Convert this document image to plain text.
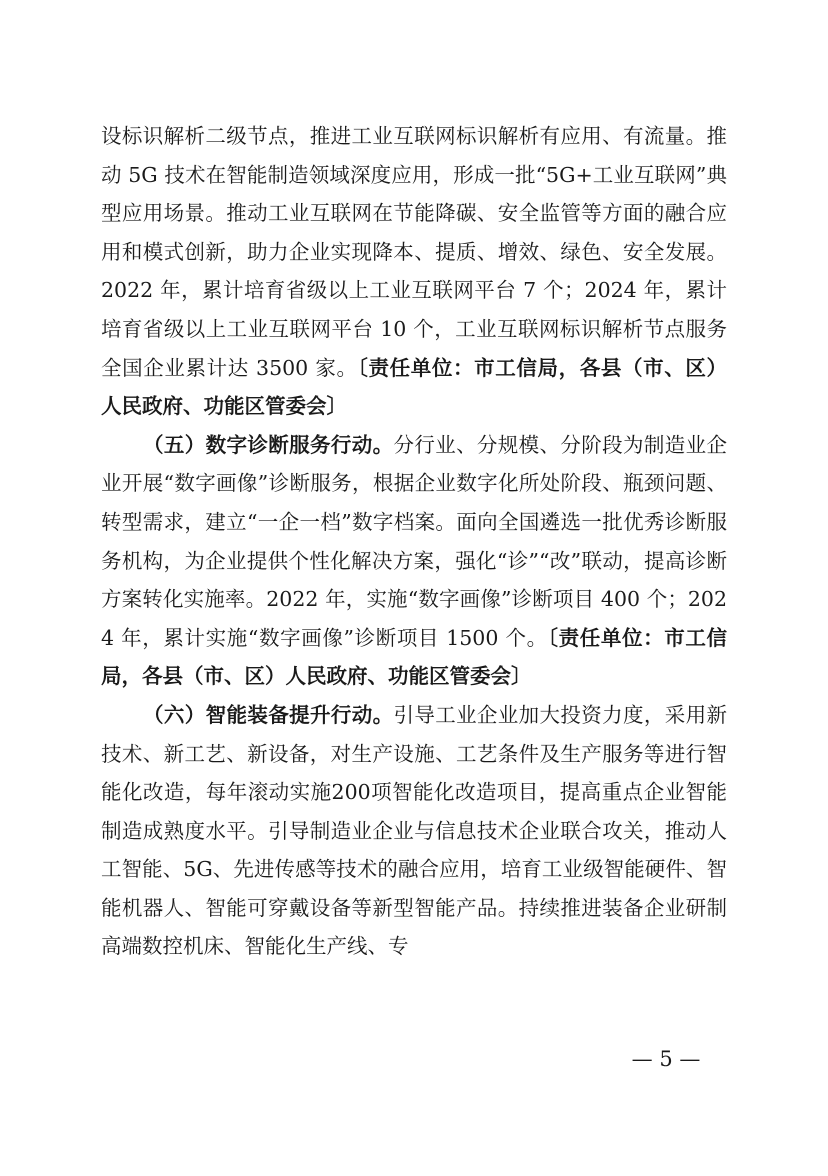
设标识解析二级节点，推进工业互联网标识解析有应用、有流量。推动 5G 技术在智能制造领域深度应用，形成一批“5G+工业互联网”典型应用场景。推动工业互联网在节能降碳、安全监管等方面的融合应用和模式创新，助力企业实现降本、提质、增效、绿色、安全发展。2022 年，累计培育省级以上工业互联网平台 7 个；2024 年，累计培育省级以上工业互联网平台 10 个，工业互联网标识解析节点服务全国企业累计达 3500 家。〔责任单位：市工信局，各县（市、区）人民政府、功能区管委会〕

（五）数字诊断服务行动。分行业、分规模、分阶段为制造业企业开展“数字画像”诊断服务，根据企业数字化所处阶段、瓶颈问题、转型需求，建立“一企一档”数字档案。面向全国遴选一批优秀诊断服务机构，为企业提供个性化解决方案，强化“诊”“改”联动，提高诊断方案转化实施率。2022 年，实施“数字画像”诊断项目 400 个；2024 年，累计实施“数字画像”诊断项目 1500 个。〔责任单位：市工信局，各县（市、区）人民政府、功能区管委会〕

（六）智能装备提升行动。引导工业企业加大投资力度，采用新技术、新工艺、新设备，对生产设施、工艺条件及生产服务等进行智能化改造，每年滚动实施200项智能化改造项目，提高重点企业智能制造成熟度水平。引导制造业企业与信息技术企业联合攻关，推动人工智能、5G、先进传感等技术的融合应用，培育工业级智能硬件、智能机器人、智能可穿戴设备等新型智能产品。持续推进装备企业研制高端数控机床、智能化生产线、专

— 5 —
